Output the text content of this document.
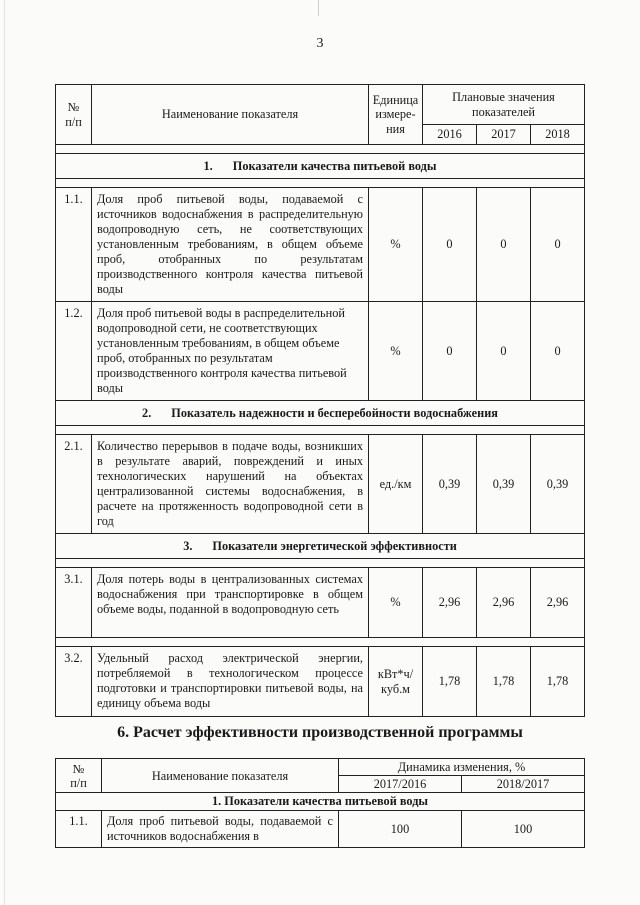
3
№
п/п	Наименование показателя	Единица
измере-
ния	Плановые значения
показателей		
			2016	2017	2018

1. Показатели качества питьевой воды					

1.1.	Доля проб питьевой воды, подаваемой с источников водоснабжения в распределительную водопроводную сеть, не соответствующих установленным требованиям, в общем объеме проб, отобранных по результатам производственного контроля качества питьевой воды	%	0	0	0
1.2.	Доля проб питьевой воды в распределительной водопроводной сети, не соответствующих установленным требованиям, в общем объеме проб, отобранных по результатам производственного контроля качества питьевой воды	%	0	0	0
2. Показатель надежности и бесперебойности водоснабжения					

2.1.	Количество перерывов в подаче воды, возникших в результате аварий, повреждений и иных технологических нарушений на объектах централизованной системы водоснабжения, в расчете на протяженность водопроводной сети в год	ед./км	0,39	0,39	0,39
3. Показатели энергетической эффективности					

3.1.	Доля потерь воды в централизованных системах водоснабжения при транспортировке в общем объеме воды, поданной в водопроводную сеть	%	2,96	2,96	2,96

3.2.	Удельный расход электрической энергии, потребляемой в технологическом процессе подготовки и транспортировки питьевой воды, на единицу объема воды	кВт*ч/
куб.м	1,78	1,78	1,78
6. Расчет эффективности производственной программы
№
п/п	Наименование показателя	Динамика изменения, %	
		2017/2016	2018/2017
1. Показатели качества питьевой воды			
1.1.	Доля проб питьевой воды, подаваемой с источников водоснабжения в	100	100
